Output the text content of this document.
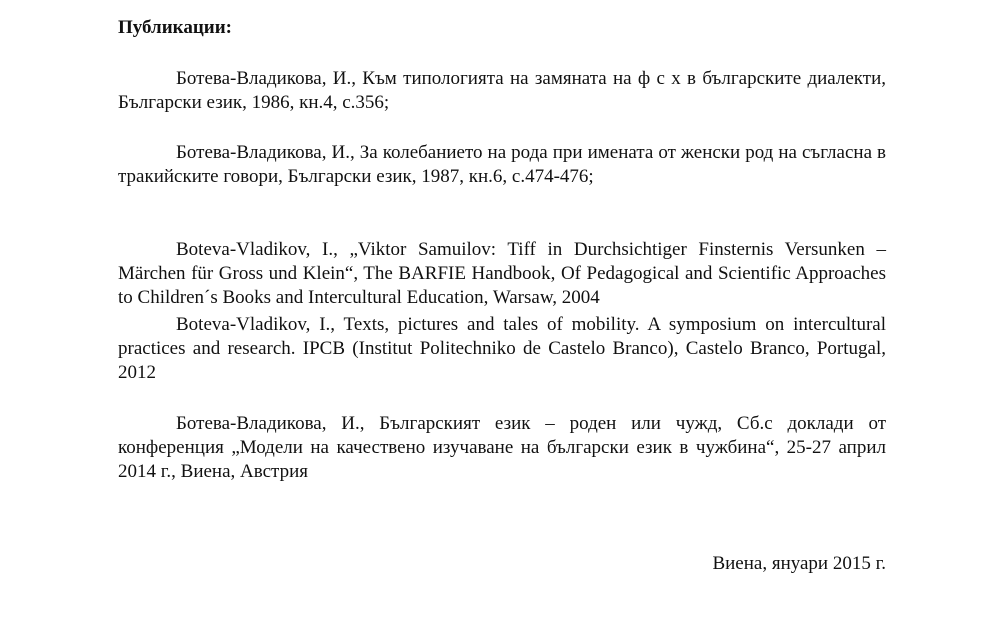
Публикации:

Ботева-Владикова, И., Към типологията на замяната на ф с х в българските диалекти, Български език, 1986, кн.4, с.356;

Ботева-Владикова, И., За колебанието на рода при имената от женски род на съгласна в тракийските говори, Български език, 1987, кн.6, с.474-476;

Boteva-Vladikov, I., „Viktor Samuilov: Tiff in Durchsichtiger Finsternis Versunken – Märchen für Gross und Klein“, The BARFIE Handbook, Of Pedagogical and Scientific Approaches to Children´s Books and Intercultural Education, Warsaw, 2004

Boteva-Vladikov, I., Texts, pictures and tales of mobility. A symposium on intercultural practices and research. IPCB (Institut Politechniko de Castelo Branco), Castelo Branco, Portugal, 2012

Ботева-Владикова, И., Българският език – роден или чужд, Сб.с доклади от конференция „Модели на качествено изучаване на български език в чужбина“, 25-27 април 2014 г., Виена, Австрия

Виена, януари 2015 г.
